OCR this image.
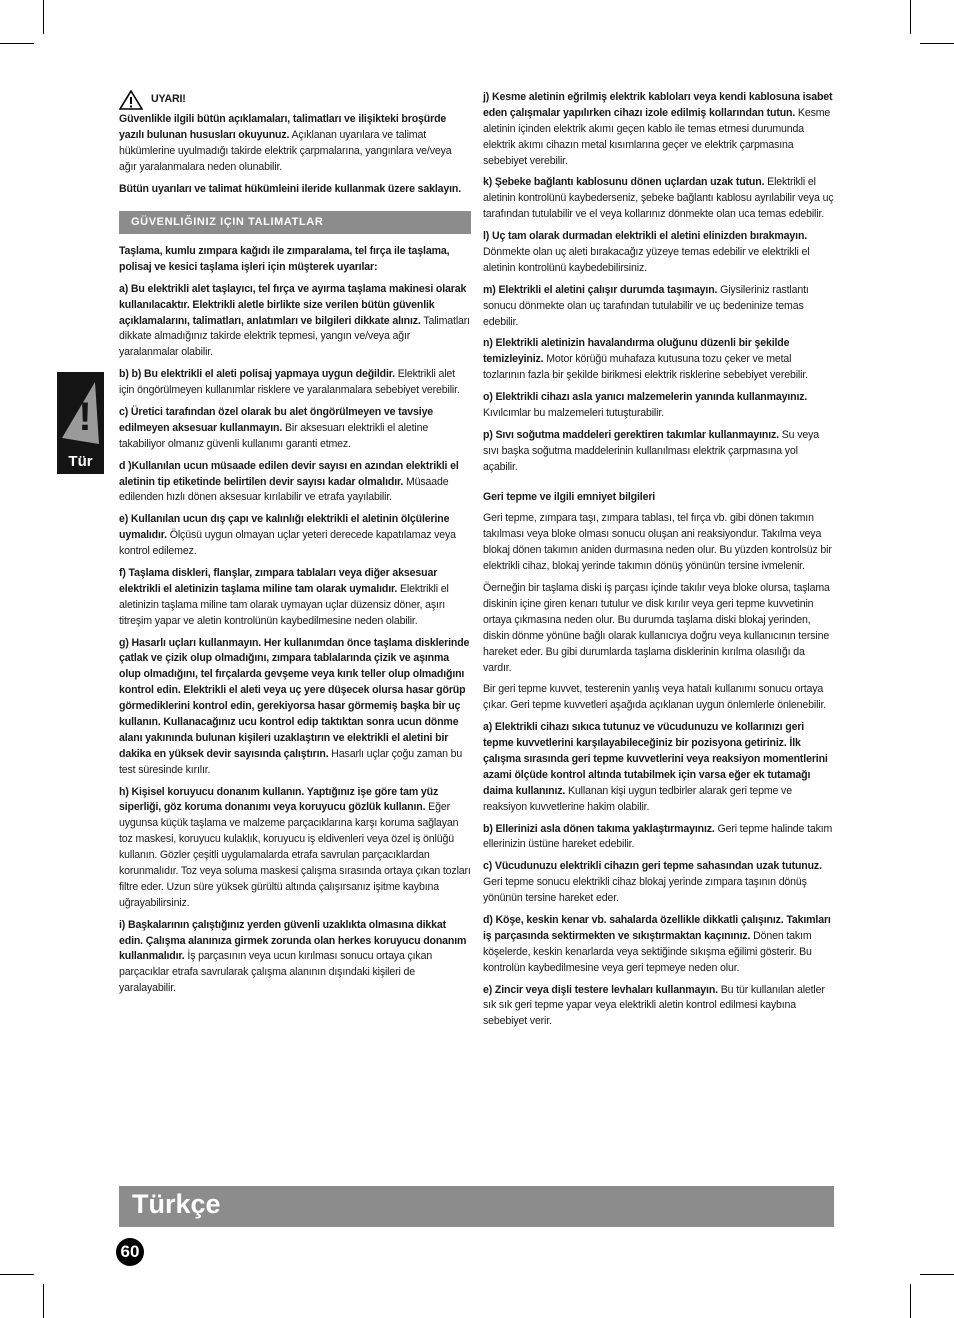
!
Tür
UYARI!

Güvenlikle ilgili bütün açıklamaları, talimatları ve ilişikteki broşürde yazılı bulunan hususları okuyunuz. Açıklanan uyarılara ve talimat hükümlerine uyulmadığı takirde elektrik çarpmalarına, yangınlara ve/veya ağır yaralanmalara neden olunabilir.

Bütün uyarıları ve talimat hükümleini ileride kullanmak üzere saklayın.

GÜVENLIĞINIZ IÇIN TALIMATLAR

Taşlama, kumlu zımpara kağıdı ile zımparalama, tel fırça ile taşlama, polisaj ve kesici taşlama işleri için müşterek uyarılar:

a) Bu elektrikli alet taşlayıcı, tel fırça ve ayırma taşlama makinesi olarak kullanılacaktır. Elektrikli aletle birlikte size verilen bütün güvenlik açıklamalarını, talimatları, anlatımları ve bilgileri dikkate alınız. Talimatları dikkate almadığınız takirde elektrik tepmesi, yangın ve/veya ağır yaralanmalar olabilir.

b) b) Bu elektrikli el aleti polisaj yapmaya uygun değildir. Elektrikli alet için öngörülmeyen kullanımlar risklere ve yaralanmalara sebebiyet verebilir.

c) Üretici tarafından özel olarak bu alet öngörülmeyen ve tavsiye edilmeyen aksesuar kullanmayın. Bir aksesuarı elektrikli el aletine takabiliyor olmanız güvenli kullanımı garanti etmez.

d )Kullanılan ucun müsaade edilen devir sayısı en azından elektrikli el aletinin tip etiketinde belirtilen devir sayısı kadar olmalıdır. Müsaade edilenden hızlı dönen aksesuar kırılabilir ve etrafa yayılabilir.

e) Kullanılan ucun dış çapı ve kalınlığı elektrikli el aletinin ölçülerine uymalıdır. Ölçüsü uygun olmayan uçlar yeteri derecede kapatılamaz veya kontrol edilemez.

f) Taşlama diskleri, flanşlar, zımpara tablaları veya diğer aksesuar elektrikli el aletinizin taşlama miline tam olarak uymalıdır. Elektrikli el aletinizin taşlama miline tam olarak uymayan uçlar düzensiz döner, aşırı titreşim yapar ve aletin kontrolünün kaybedilmesine neden olabilir.

g) Hasarlı uçları kullanmayın. Her kullanımdan önce taşlama disklerinde çatlak ve çizik olup olmadığını, zımpara tablalarında çizik ve aşınma olup olmadığını, tel fırçalarda gevşeme veya kırık teller olup olmadığını kontrol edin. Elektrikli el aleti veya uç yere düşecek olursa hasar görüp görmediklerini kontrol edin, gerekiyorsa hasar görmemiş başka bir uç kullanın. Kullanacağınız ucu kontrol edip taktıktan sonra ucun dönme alanı yakınında bulunan kişileri uzaklaştırın ve elektrikli el aletini bir dakika en yüksek devir sayısında çalıştırın. Hasarlı uçlar çoğu zaman bu test süresinde kırılır.

h) Kişisel koruyucu donanım kullanın. Yaptığınız işe göre tam yüz siperliği, göz koruma donanımı veya koruyucu gözlük kullanın. Eğer uygunsa küçük taşlama ve malzeme parçacıklarına karşı koruma sağlayan toz maskesi, koruyucu kulaklık, koruyucu iş eldivenleri veya özel iş önlüğü kullanın. Gözler çeşitli uygulamalarda etrafa savrulan parçacıklardan korunmalıdır. Toz veya soluma maskesi çalışma sırasında ortaya çıkan tozları filtre eder. Uzun süre yüksek gürültü altında çalışırsanız işitme kaybına uğrayabilirsiniz.

i) Başkalarının çalıştığınız yerden güvenli uzaklıkta olmasına dikkat edin. Çalışma alanınıza girmek zorunda olan herkes koruyucu donanım kullanmalıdır. İş parçasının veya ucun kırılması sonucu ortaya çıkan parçacıklar etrafa savrularak çalışma alanının dışındaki kişileri de yaralayabilir.

j) Kesme aletinin eğrilmiş elektrik kabloları veya kendi kablosuna isabet eden çalışmalar yapılırken cihazı izole edilmiş kollarından tutun. Kesme aletinin içinden elektrik akımı geçen kablo ile temas etmesi durumunda elektrik akımı cihazın metal kısımlarına geçer ve elektrik çarpmasına sebebiyet verebilir.

k) Şebeke bağlantı kablosunu dönen uçlardan uzak tutun. Elektrikli el aletinin kontrolünü kaybederseniz, şebeke bağlantı kablosu ayrılabilir veya uç tarafından tutulabilir ve el veya kollarınız dönmekte olan uca temas edebilir.

l) Uç tam olarak durmadan elektrikli el aletini elinizden bırakmayın. Dönmekte olan uç aleti bırakacağız yüzeye temas edebilir ve elektrikli el aletinin kontrolünü kaybedebilirsiniz.

m) Elektrikli el aletini çalışır durumda taşımayın. Giysileriniz rastlantı sonucu dönmekte olan uç tarafından tutulabilir ve uç bedeninize temas edebilir.

n) Elektrikli aletinizin havalandırma oluğunu düzenli bir şekilde temizleyiniz. Motor körüğü muhafaza kutusuna tozu çeker ve metal tozlarının fazla bir şekilde birikmesi elektrik risklerine sebebiyet verebilir.

o) Elektrikli cihazı asla yanıcı malzemelerin yanında kullanmayınız. Kıvılcımlar bu malzemeleri tutuşturabilir.

p) Sıvı soğutma maddeleri gerektiren takımlar kullanmayınız. Su veya sıvı başka soğutma maddelerinin kullanılması elektrik çarpmasına yol açabilir.

Geri tepme ve ilgili emniyet bilgileri

Geri tepme, zımpara taşı, zımpara tablası, tel fırça vb. gibi dönen takımın takılması veya bloke olması sonucu oluşan ani reaksiyondur. Takılma veya blokaj dönen takımın aniden durmasına neden olur. Bu yüzden kontrolsüz bir elektrikli cihaz, blokaj yerinde takımın dönüş yönünün tersine ivmelenir.

Öerneğin bir taşlama diski iş parçası içinde takılır veya bloke olursa, taşlama diskinin içine giren kenarı tutulur ve disk kırılır veya geri tepme kuvvetinin ortaya çıkmasına neden olur. Bu durumda taşlama diski blokaj yerinden, diskin dönme yönüne bağlı olarak kullanıcıya doğru veya kullanıcının tersine hareket eder. Bu gibi durumlarda taşlama disklerinin kırılma olasılığı da vardır.

Bir geri tepme kuvvet, testerenin yanlış veya hatalı kullanımı sonucu ortaya çıkar. Geri tepme kuvvetleri aşağıda açıklanan uygun önlemlerle önlenebilir.

a) Elektrikli cihazı sıkıca tutunuz ve vücudunuzu ve kollarınızı geri tepme kuvvetlerini karşılayabileceğiniz bir pozisyona getiriniz. İlk çalışma sırasında geri tepme kuvvetlerini veya reaksiyon momentlerini azami ölçüde kontrol altında tutabilmek için varsa eğer ek tutamağı daima kullanınız. Kullanan kişi uygun tedbirler alarak geri tepme ve reaksiyon kuvvetlerine hakim olabilir.

b) Ellerinizi asla dönen takıma yaklaştırmayınız. Geri tepme halinde takım ellerinizin üstüne hareket edebilir.

c) Vücudunuzu elektrikli cihazın geri tepme sahasından uzak tutunuz. Geri tepme sonucu elektrikli cihaz blokaj yerinde zımpara taşının dönüş yönünün tersine hareket eder.

d) Köşe, keskin kenar vb. sahalarda özellikle dikkatli çalışınız. Takımları iş parçasında sektirmekten ve sıkıştırmaktan kaçınınız. Dönen takım köşelerde, keskin kenarlarda veya sektiğinde sıkışma eğilimi gösterir. Bu kontrolün kaybedilmesine veya geri tepmeye neden olur.

e) Zincir veya dişli testere levhaları kullanmayın. Bu tür kullanılan aletler sık sık geri tepme yapar veya elektrikli aletin kontrol edilmesi kaybına sebebiyet verir.

Türkçe
60
